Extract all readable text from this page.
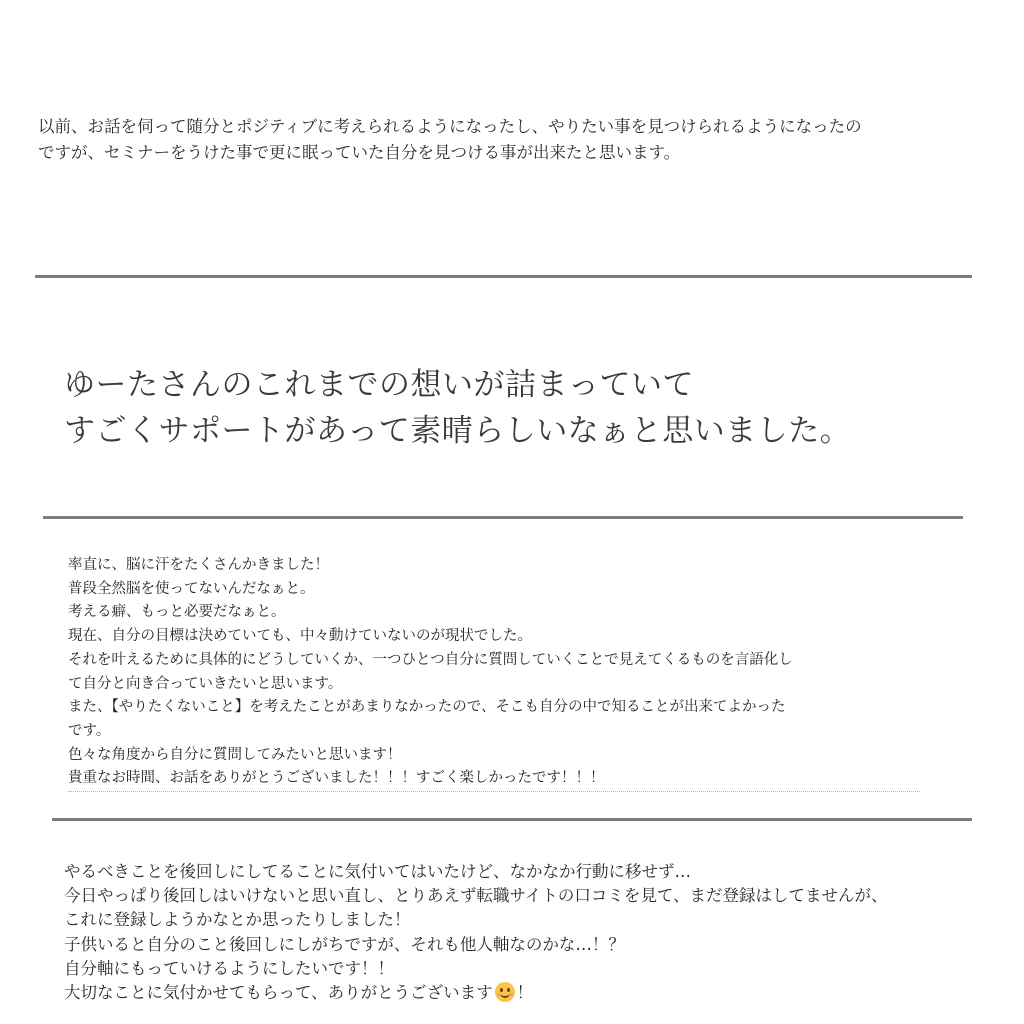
以前、お話を伺って随分とポジティブに考えられるようになったし、やりたい事を見つけられるようになったの
ですが、セミナーをうけた事で更に眠っていた自分を見つける事が出来たと思います。
ゆーたさんのこれまでの想いが詰まっていて
すごくサポートがあって素晴らしいなぁと思いました。
率直に、脳に汗をたくさんかきました！
普段全然脳を使ってないんだなぁと。
考える癖、もっと必要だなぁと。
現在、自分の目標は決めていても、中々動けていないのが現状でした。
それを叶えるために具体的にどうしていくか、一つひとつ自分に質問していくことで見えてくるものを言語化し
て自分と向き合っていきたいと思います。
また、【やりたくないこと】を考えたことがあまりなかったので、そこも自分の中で知ることが出来てよかった
です。
色々な角度から自分に質問してみたいと思います！
貴重なお時間、お話をありがとうございました！！！すごく楽しかったです！！！
やるべきことを後回しにしてることに気付いてはいたけど、なかなか行動に移せず…
今日やっぱり後回しはいけないと思い直し、とりあえず転職サイトの口コミを見て、まだ登録はしてませんが、
これに登録しようかなとか思ったりしました！
子供いると自分のこと後回しにしがちですが、それも他人軸なのかな…！？
自分軸にもっていけるようにしたいです！！
大切なことに気付かせてもらって、ありがとうございます ！
